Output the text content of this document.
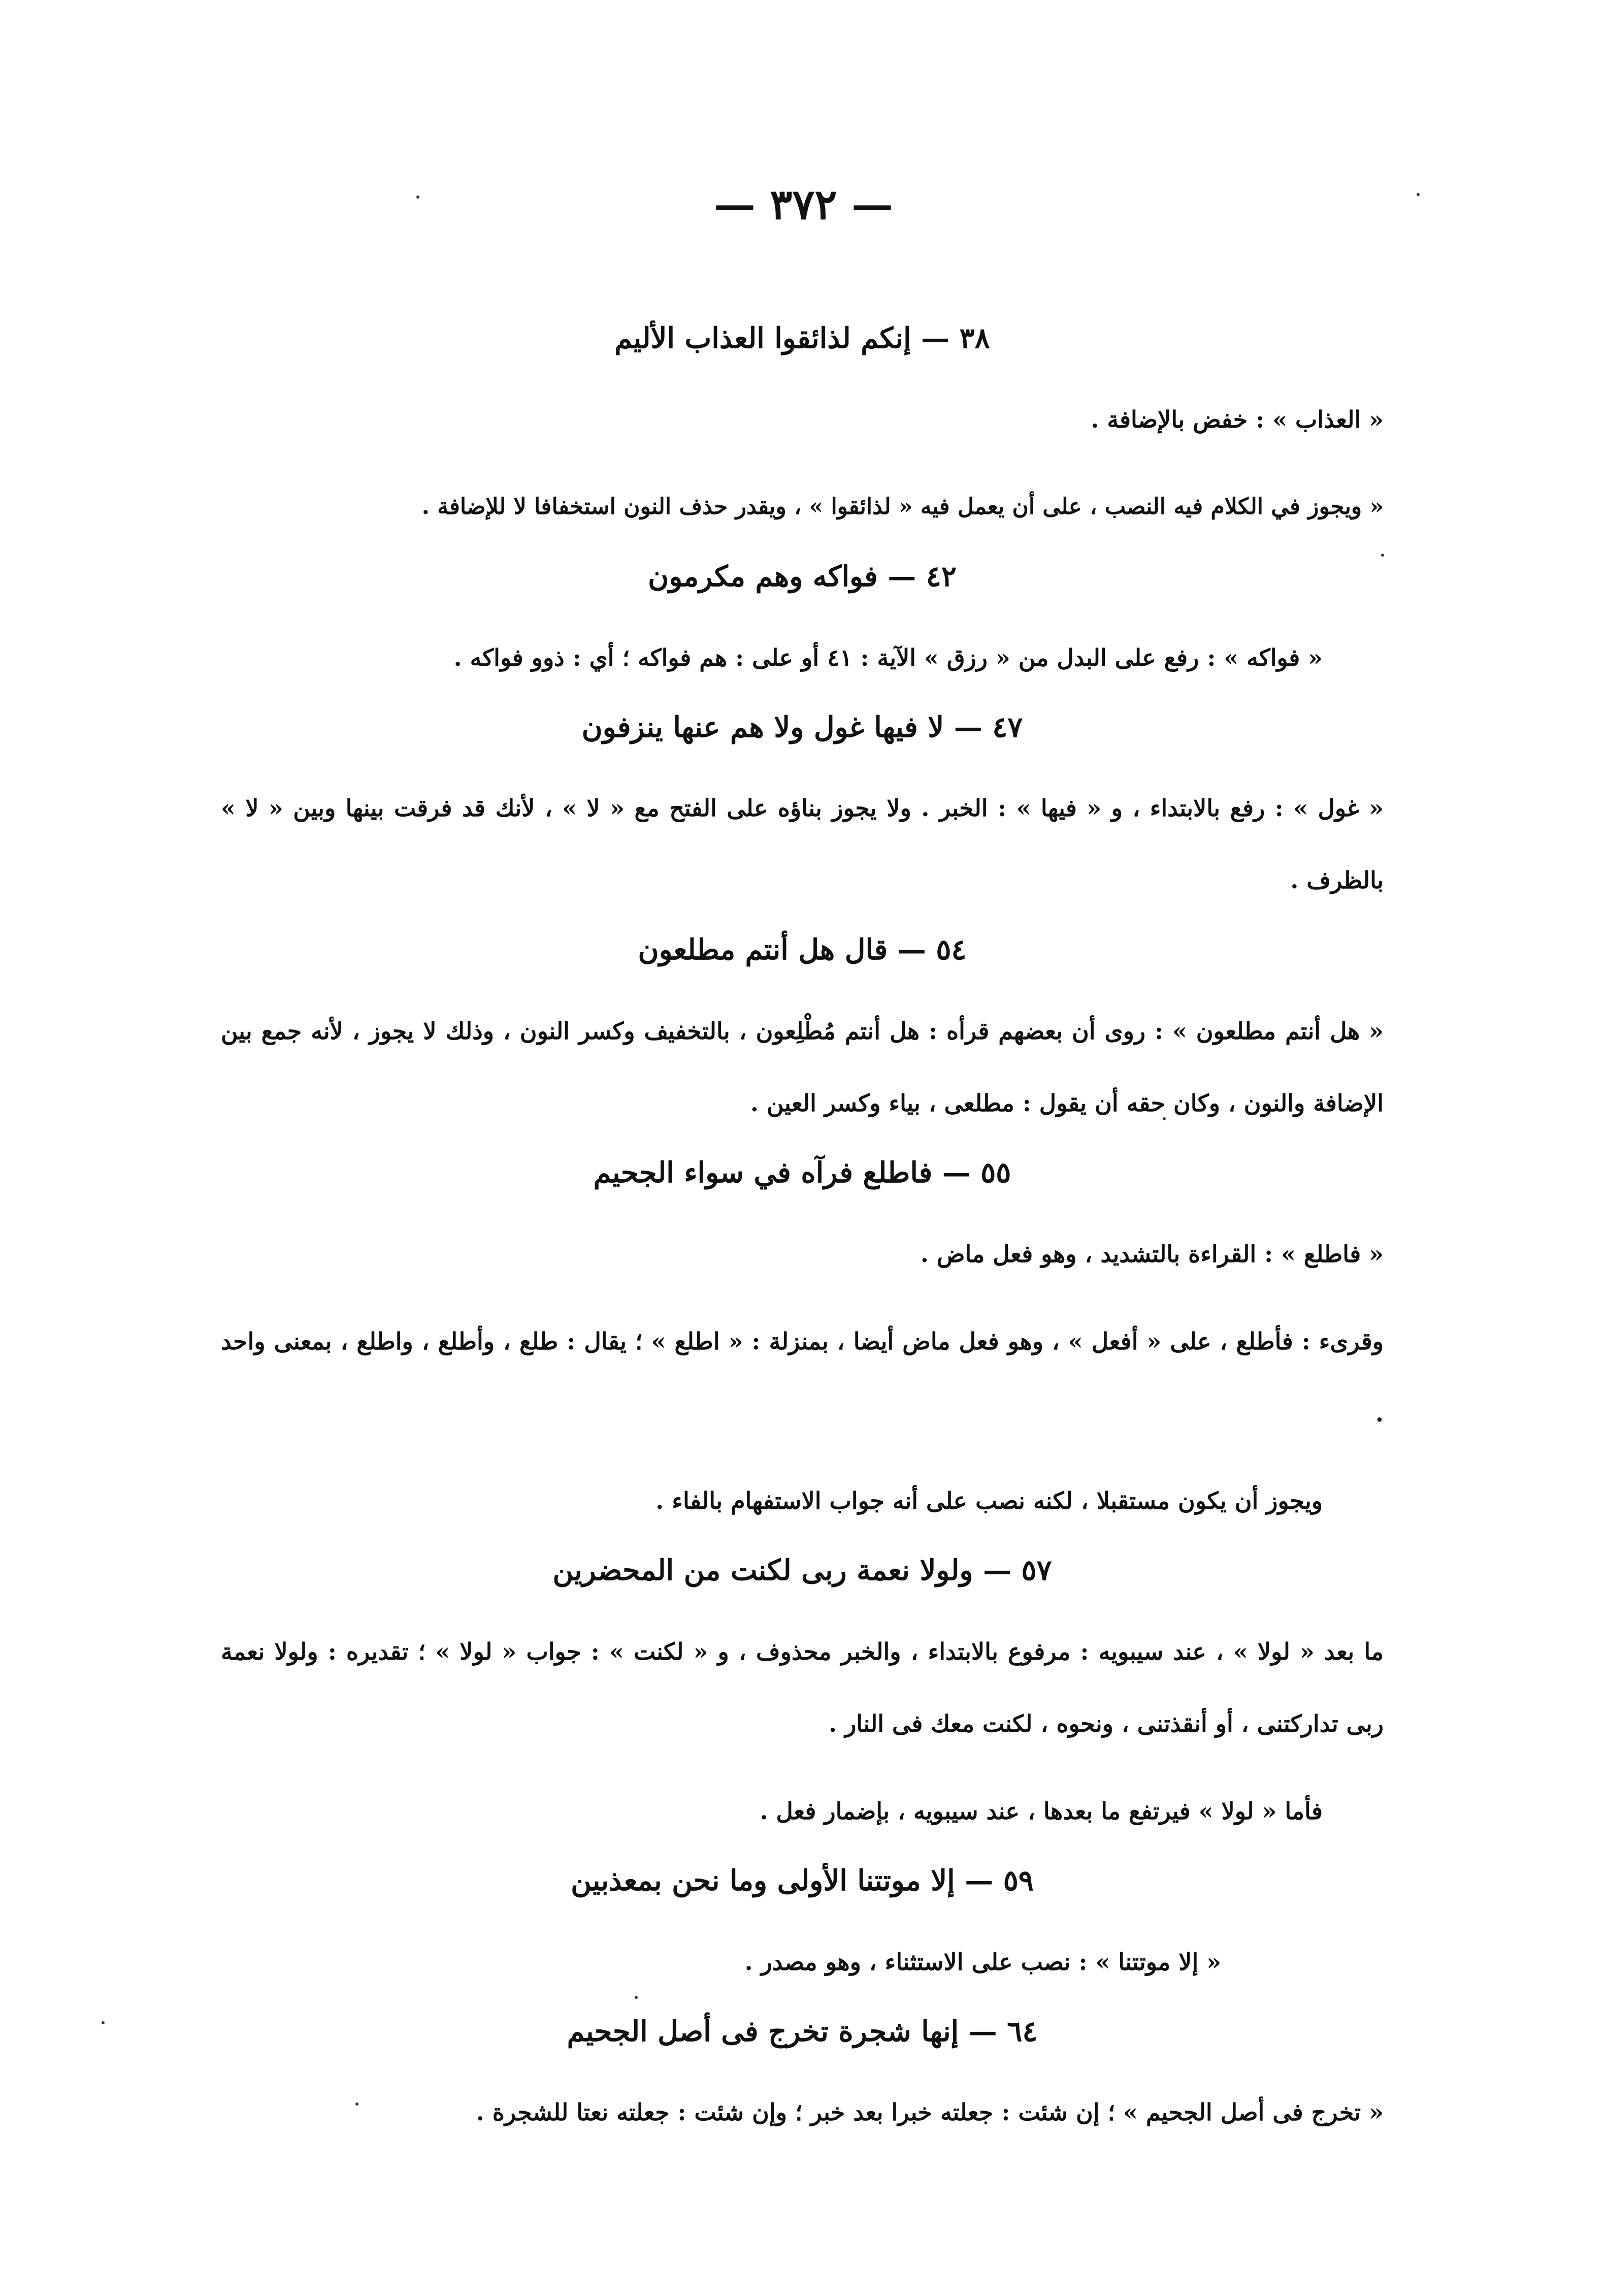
— ٣٧٢ —
٣٨ — إنكم لذائقوا العذاب الأليم

« العذاب » : خفض بالإضافة .

« ويجوز في الكلام فيه النصب ، على أن يعمل فيه « لذائقوا » ، ويقدر حذف النون استخفافا لا للإضافة .

٤٢ — فواكه وهم مكرمون

« فواكه » : رفع على البدل من « رزق » الآية : ٤١ أو على : هم فواكه ؛ أي : ذوو فواكه .

٤٧ — لا فيها غول ولا هم عنها ينزفون

« غول » : رفع بالابتداء ، و « فيها » : الخبر . ولا يجوز بناؤه على الفتح مع « لا » ، لأنك قد فرقت بينها وبين « لا » بالظرف .

٥٤ — قال هل أنتم مطلعون

« هل أنتم مطلعون » : روى أن بعضهم قرأه : هل أنتم مُطْلِعون ، بالتخفيف وكسر النون ، وذلك لا يجوز ، لأنه جمع بين الإضافة والنون ، وكان حقه أن يقول : مطلعى ، بياء وكسر العين .

٥٥ — فاطلع فرآه في سواء الجحيم

« فاطلع » : القراءة بالتشديد ، وهو فعل ماض .

وقرىء : فأطلع ، على « أفعل » ، وهو فعل ماض أيضا ، بمنزلة : « اطلع » ؛ يقال : طلع ، وأطلع ، واطلع ، بمعنى واحد .

ويجوز أن يكون مستقبلا ، لكنه نصب على أنه جواب الاستفهام بالفاء .

٥٧ — ولولا نعمة ربى لكنت من المحضرين

ما بعد « لولا » ، عند سيبويه : مرفوع بالابتداء ، والخبر محذوف ، و « لكنت » : جواب « لولا » ؛ تقديره : ولولا نعمة ربى تداركتنى ، أو أنقذتنى ، ونحوه ، لكنت معك فى النار .

فأما « لولا » فيرتفع ما بعدها ، عند سيبويه ، بإضمار فعل .

٥٩ — إلا موتتنا الأولى وما نحن بمعذبين

« إلا موتتنا » : نصب على الاستثناء ، وهو مصدر .

٦٤ — إنها شجرة تخرج فى أصل الجحيم

« تخرج فى أصل الجحيم » ؛ إن شئت : جعلته خبرا بعد خبر ؛ وإن شئت : جعلته نعتا للشجرة .
